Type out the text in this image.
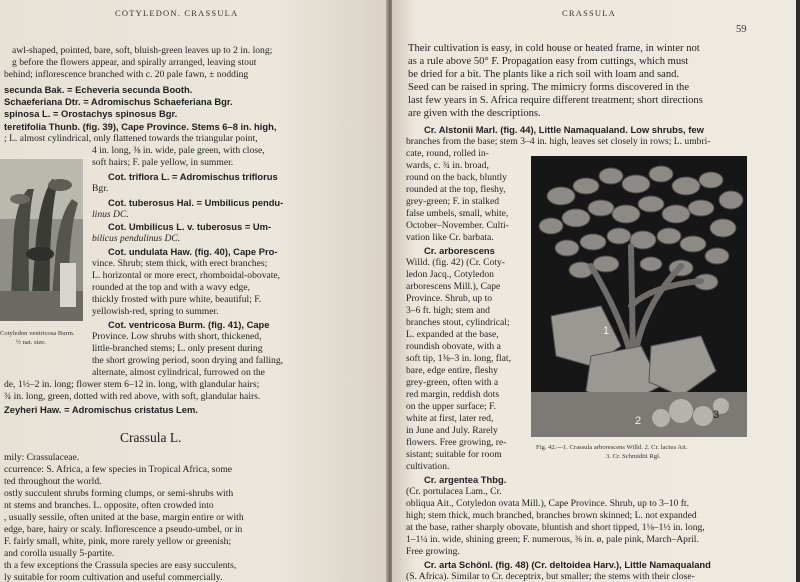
COTYLEDON. CRASSULA
awl-shaped, pointed, bare, soft, bluish-green leaves up to 2 in. long;
g before the flowers appear, and spirally arranged, leaving stout
behind; inflorescence branched with c. 20 pale fawn, ± nodding
secunda Bak. = Echeveria secunda Booth.
Schaeferiana Dtr. = Adromischus Schaeferiana Bgr.
spinosa L. = Orostachys spinosus Bgr.
teretifolia Thunb. (fig. 39), Cape Province. Stems 6–8 in. high,
; L. almost cylindrical, only flattened towards the triangular point,
4 in. long, ⅜ in. wide, pale green, with close,
soft hairs; F. pale yellow, in summer.
Cot. triflora L. = Adromischus triflorus
Bgr.
Cot. tuberosus Hal. = Umbilicus pendu-
linus DC.
Cot. Umbilicus L. v. tuberosus = Um-
bilicus pendulinus DC.
Cot. undulata Haw. (fig. 40), Cape Pro-
vince. Shrub; stem thick, with erect branches;
L. horizontal or more erect, rhomboidal-obovate,
rounded at the top and with a wavy edge,
thickly frosted with pure white, beautiful; F.
yellowish-red, spring to summer.
Cot. ventricosa Burm. (fig. 41), Cape
Province. Low shrubs with short, thickened,
little-branched stems; L. only present during
the short growing period, soon drying and falling,
alternate, almost cylindrical, furrowed on the
de, 1½–2 in. long; flower stem 6–12 in. long, with glandular hairs;
¾ in. long, green, dotted with red above, with soft, glandular hairs.
Zeyheri Haw. = Adromischus cristatus Lem.
Crassula L.
mily: Crassulaceae.
ccurrence: S. Africa, a few species in Tropical Africa, some
ted throughout the world.
ostly succulent shrubs forming clumps, or semi-shrubs with
nt stems and branches. L. opposite, often crowded into
, usually sessile, often united at the base, margin entire or with
edge, bare, hairy or scaly. Inflorescence a pseudo-umbel, or in
F. fairly small, white, pink, more rarely yellow or greenish;
and corolla usually 5-partite.
th a few exceptions the Crassula species are easy succulents,
ly suitable for room cultivation and useful commercially.
Cotyledon ventricosa Burm.
½ nat. size.
CRASSULA
59
Their cultivation is easy, in cold house or heated frame, in winter not
as a rule above 50° F. Propagation easy from cuttings, which must
be dried for a bit. The plants like a rich soil with loam and sand.
Seed can be raised in spring. The mimicry forms discovered in the
last few years in S. Africa require different treatment; short directions
are given with the descriptions.
Cr. Alstonii Marl. (fig. 44), Little Namaqualand. Low shrubs, few
branches from the base; stem 3–4 in. high, leaves set closely in rows; L. umbri-
cate, round, rolled in-
wards, c. ¾ in. broad,
round on the back, bluntly
rounded at the top, fleshy,
grey-green; F. in stalked
false umbels, small, white,
October–November. Culti-
vation like Cr. barbata.
Cr. arborescens
Willd. (fig. 42) (Cr. Coty-
ledon Jacq., Cotyledon
arborescens Mill.), Cape
Province. Shrub, up to
3–6 ft. high; stem and
branches stout, cylindrical;
L. expanded at the base,
roundish obovate, with a
soft tip, 1⅜–3 in. long, flat,
bare, edge entire, fleshy
grey-green, often with a
red margin, reddish dots
on the upper surface; F.
white at first, later red,
in June and July. Rarely
flowers. Free growing, re-
sistant; suitable for room
cultivation.
Cr. argentea Thbg.
(Cr. portulacea Lam., Cr.
obliqua Ait., Cotyledon ovata Mill.), Cape Province. Shrub, up to 3–10 ft.
high; stem thick, much branched, branches brown skinned; L. not expanded
at the base, rather sharply obovate, bluntish and short tipped, 1⅛–1½ in. long,
1–1¼ in. wide, shining green; F. numerous, ⅜ in. ø, pale pink, March–April.
Free growing.
Cr. arta Schönl. (fig. 48) (Cr. deltoidea Harv.), Little Namaqualand
(S. Africa). Similar to Cr. deceptrix, but smaller; the stems with their close-
Fig. 42.—1. Crassula arborescens Willd. 2. Cr. lactea Ait.
3. Cr. Schmidtii Rgl.
1
2	3
